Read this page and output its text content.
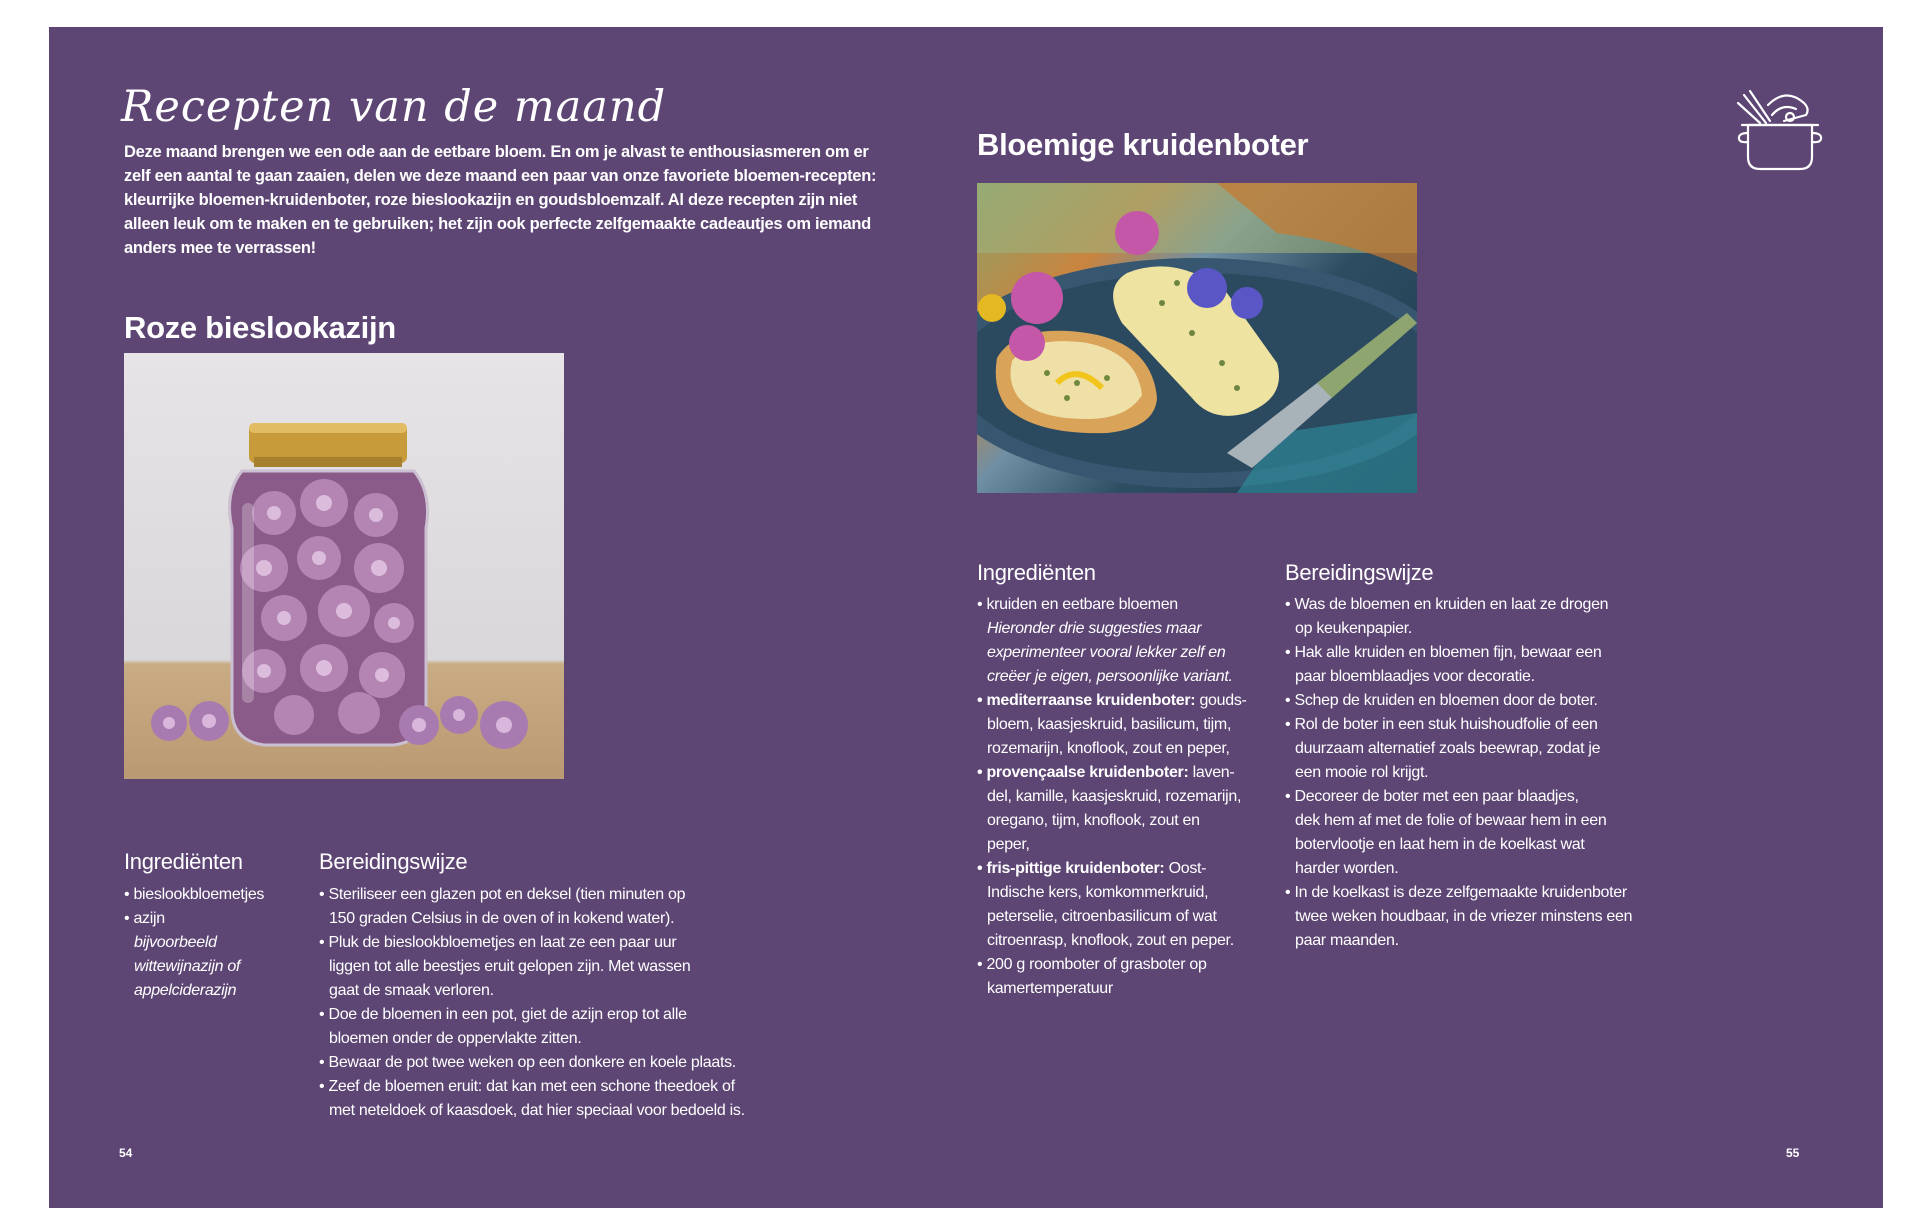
Recepten van de maand
Deze maand brengen we een ode aan de eetbare bloem. En om je alvast te enthousiasmeren om er
zelf een aantal te gaan zaaien, delen we deze maand een paar van onze favoriete bloemen-recepten:
kleurrijke bloemen-kruidenboter, roze bieslookazijn en goudsbloemzalf. Al deze recepten zijn niet
alleen leuk om te maken en te gebruiken; het zijn ook perfecte zelfgemaakte cadeautjes om iemand
anders mee te verrassen!
Roze bieslookazijn
Ingrediënten
• bieslookbloemetjes
• azijn
bijvoorbeeld
wittewijnazijn of
appelciderazijn
Bereidingswijze
• Steriliseer een glazen pot en deksel (tien minuten op
150 graden Celsius in de oven of in kokend water).
• Pluk de bieslookbloemetjes en laat ze een paar uur
liggen tot alle beestjes eruit gelopen zijn. Met wassen
gaat de smaak verloren.
• Doe de bloemen in een pot, giet de azijn erop tot alle
bloemen onder de oppervlakte zitten.
• Bewaar de pot twee weken op een donkere en koele plaats.
• Zeef de bloemen eruit: dat kan met een schone theedoek of
met neteldoek of kaasdoek, dat hier speciaal voor bedoeld is.
54
Bloemige kruidenboter
Ingrediënten
• kruiden en eetbare bloemen
Hieronder drie suggesties maar
experimenteer vooral lekker zelf en
creëer je eigen, persoonlijke variant.
• mediterraanse kruidenboter: gouds-
bloem, kaasjeskruid, basilicum, tijm,
rozemarijn, knoflook, zout en peper,
• provençaalse kruidenboter: laven-
del, kamille, kaasjeskruid, rozemarijn,
oregano, tijm, knoflook, zout en
peper,
• fris-pittige kruidenboter: Oost-
Indische kers, komkommerkruid,
peterselie, citroenbasilicum of wat
citroenrasp, knoflook, zout en peper.
• 200 g roomboter of grasboter op
kamertemperatuur
Bereidingswijze
• Was de bloemen en kruiden en laat ze drogen
op keukenpapier.
• Hak alle kruiden en bloemen fijn, bewaar een
paar bloemblaadjes voor decoratie.
• Schep de kruiden en bloemen door de boter.
• Rol de boter in een stuk huishoudfolie of een
duurzaam alternatief zoals beewrap, zodat je
een mooie rol krijgt.
• Decoreer de boter met een paar blaadjes,
dek hem af met de folie of bewaar hem in een
botervlootje en laat hem in de koelkast wat
harder worden.
• In de koelkast is deze zelfgemaakte kruidenboter
twee weken houdbaar, in de vriezer minstens een
paar maanden.
55
